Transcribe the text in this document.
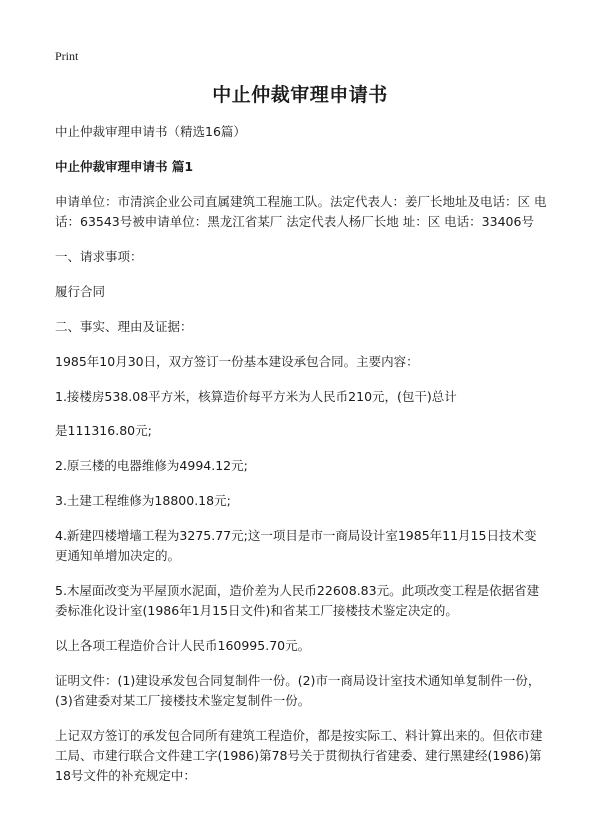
Print
中止仲裁审理申请书

中止仲裁审理申请书（精选16篇）

中止仲裁审理申请书 篇1

申请单位：市清滨企业公司直属建筑工程施工队。法定代表人：姜厂长地址及电话：区 电话：63543号被申请单位：黑龙江省某厂 法定代表人杨厂长地 址：区 电话：33406号

一、请求事项：

履行合同

二、事实、理由及证据：

1985年10月30日，双方签订一份基本建设承包合同。主要内容：

1.接楼房538.08平方米，核算造价每平方米为人民币210元，(包干)总计

是111316.80元;

2.原三楼的电器维修为4994.12元;

3.土建工程维修为18800.18元;

4.新建四楼增墙工程为3275.77元;这一项目是市一商局设计室1985年11月15日技术变更通知单增加决定的。

5.木屋面改变为平屋顶水泥面，造价差为人民币22608.83元。此项改变工程是依据省建委标准化设计室(1986年1月15日文件)和省某工厂接楼技术鉴定决定的。

以上各项工程造价合计人民币160995.70元。

证明文件：(1)建设承发包合同复制件一份。(2)市一商局设计室技术通知单复制件一份，(3)省建委对某工厂接楼技术鉴定复制件一份。

上记双方签订的承发包合同所有建筑工程造价，都是按实际工、料计算出来的。但依市建工局、市建行联合文件建工字(1986)第78号关于贯彻执行省建委、建行黑建经(1986)第18号文件的补充规定中：
